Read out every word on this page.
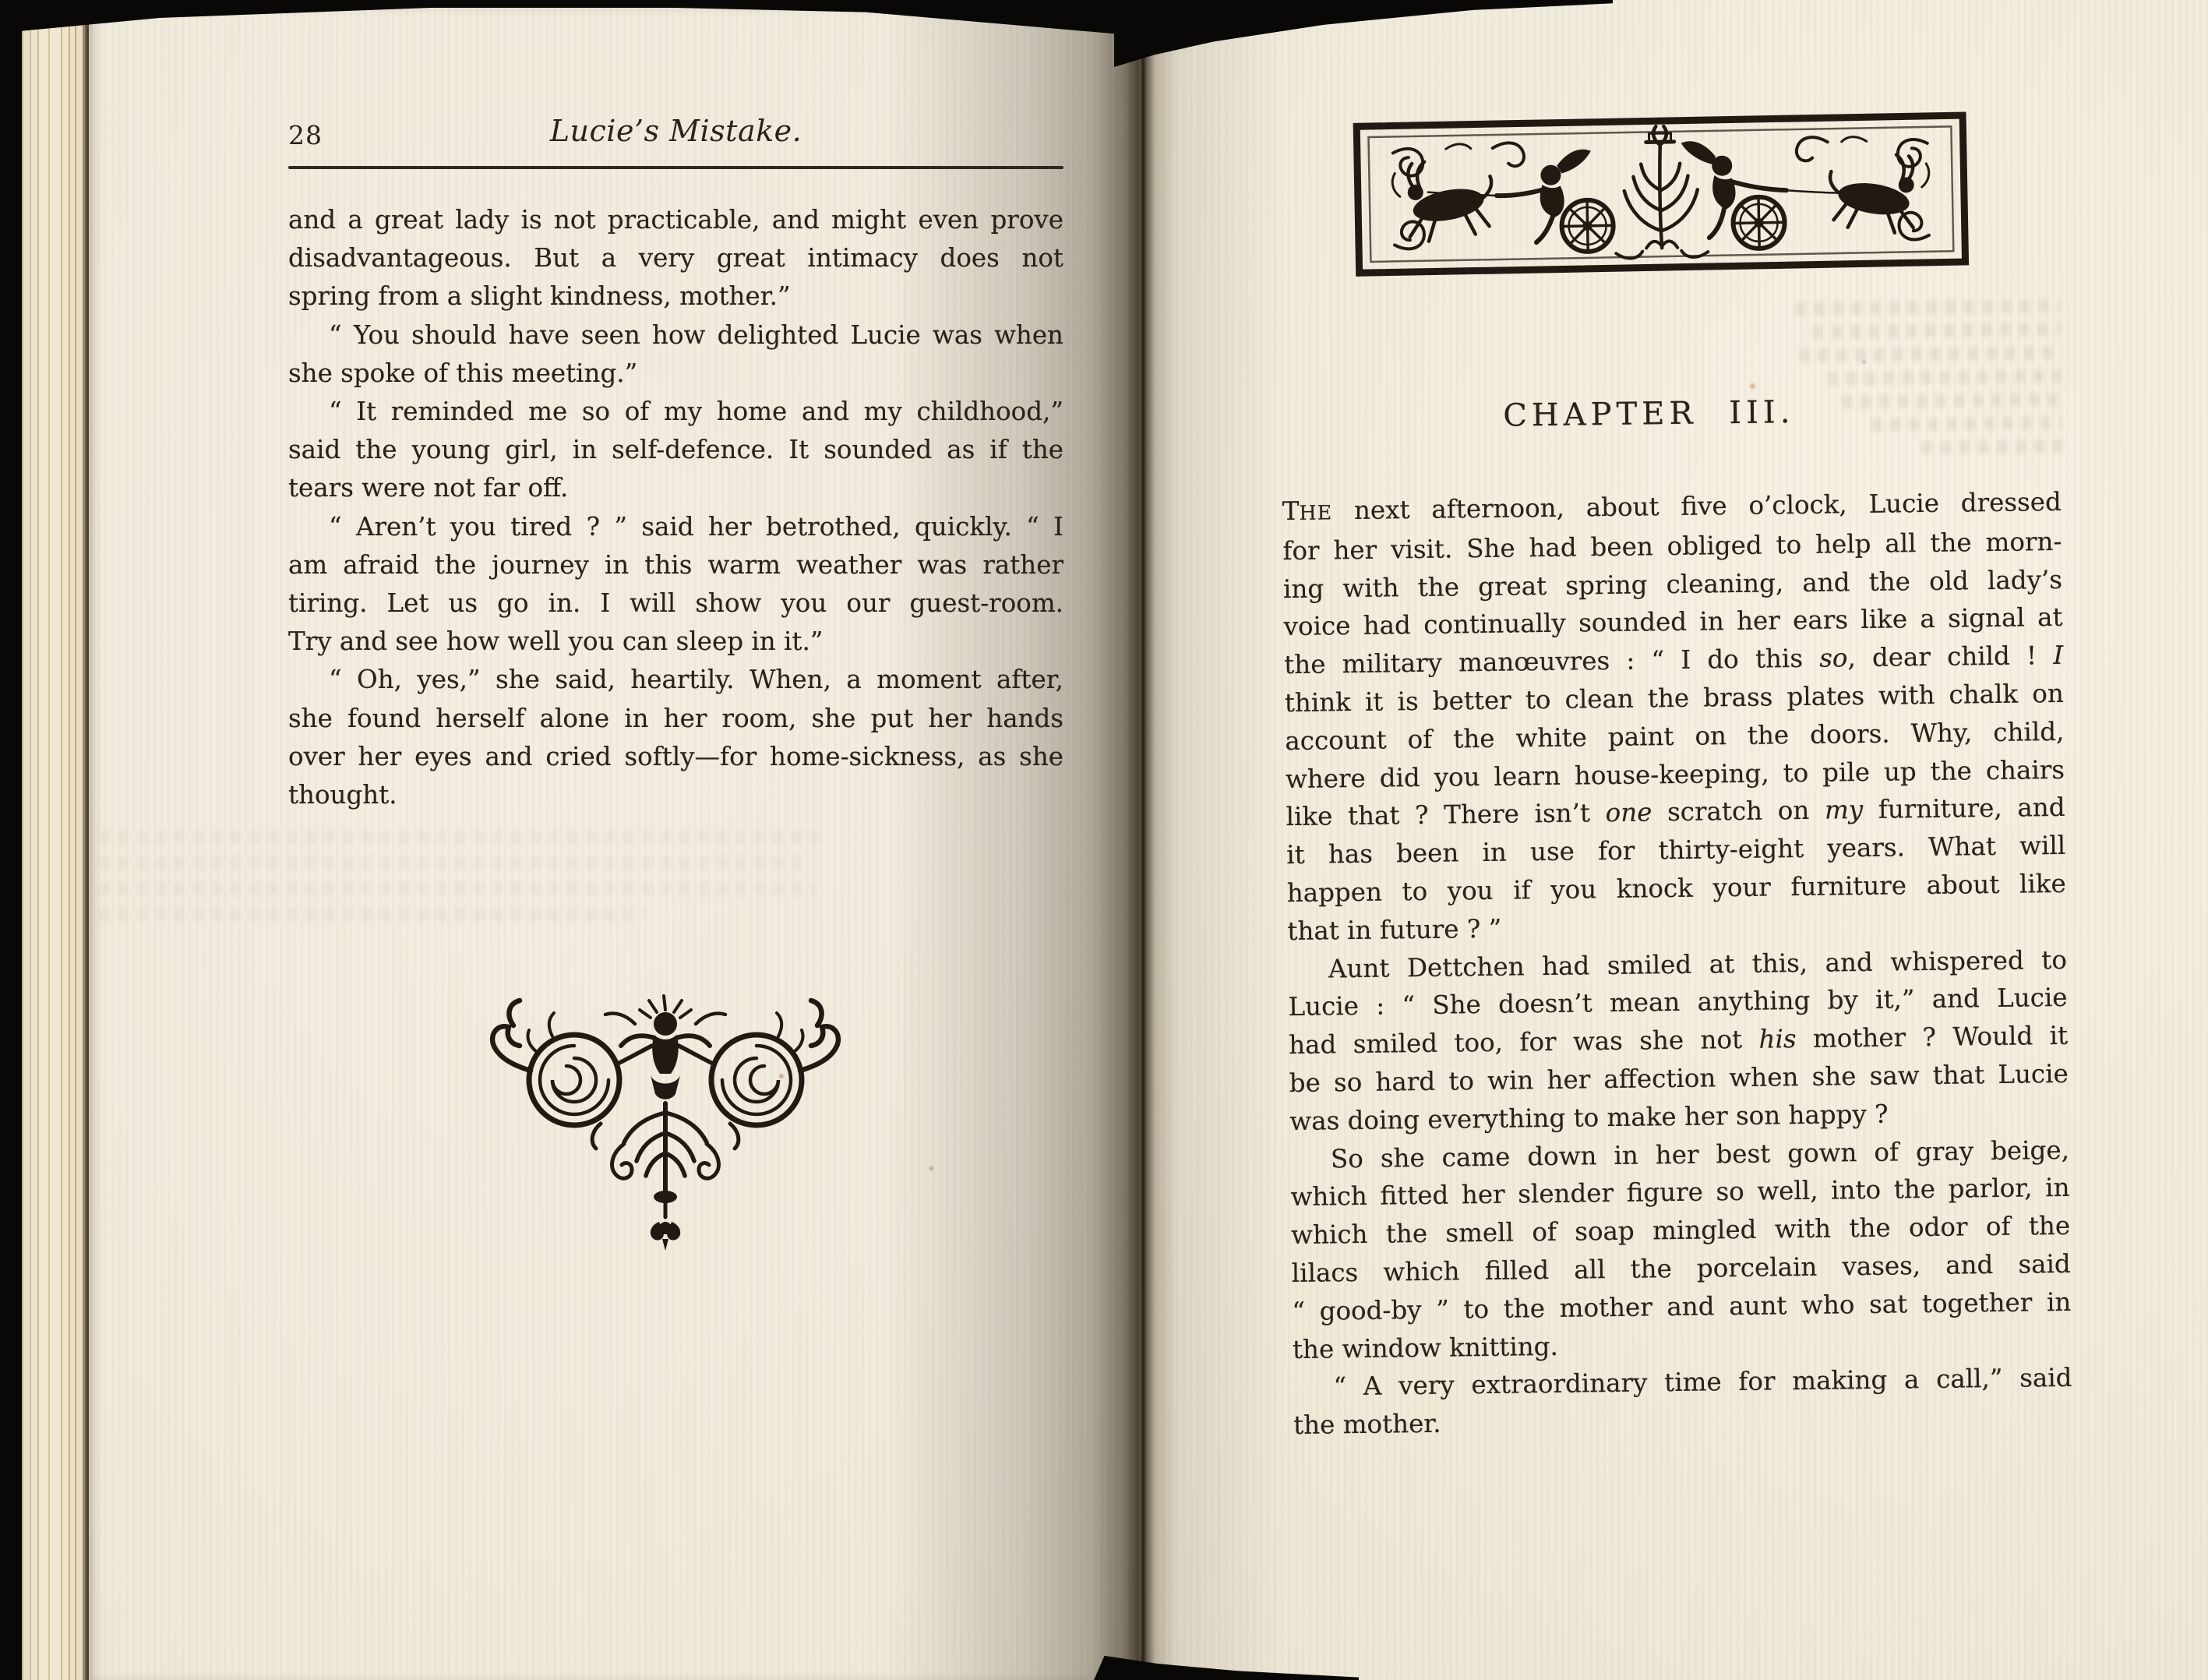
28	Lucie’s Mistake.
and a great lady is not practicable, and might even prove
disadvantageous. But a very great intimacy does not
spring from a slight kindness, mother.”
“ You should have seen how delighted Lucie was when
she spoke of this meeting.”
“ It reminded me so of my home and my childhood,”
said the young girl, in self-defence. It sounded as if the
tears were not far off.
“ Aren’t you tired ? ” said her betrothed, quickly. “ I
am afraid the journey in this warm weather was rather
tiring. Let us go in. I will show you our guest-room.
Try and see how well you can sleep in it.”
“ Oh, yes,” she said, heartily. When, a moment after,
she found herself alone in her room, she put her hands
over her eyes and cried softly—for home-sickness, as she
thought.
CHAPTER III.
THE next afternoon, about five o’clock, Lucie dressed
for her visit. She had been obliged to help all the morn-
ing with the great spring cleaning, and the old lady’s
voice had continually sounded in her ears like a signal at
the military manœuvres : “ I do this so, dear child ! I
think it is better to clean the brass plates with chalk on
account of the white paint on the doors. Why, child,
where did you learn house-keeping, to pile up the chairs
like that ? There isn’t one scratch on my furniture, and
it has been in use for thirty-eight years. What will
happen to you if you knock your furniture about like
that in future ? ”
Aunt Dettchen had smiled at this, and whispered to
Lucie : “ She doesn’t mean anything by it,” and Lucie
had smiled too, for was she not his mother ? Would it
be so hard to win her affection when she saw that Lucie
was doing everything to make her son happy ?
So she came down in her best gown of gray beige,
which fitted her slender figure so well, into the parlor, in
which the smell of soap mingled with the odor of the
lilacs which filled all the porcelain vases, and said
“ good-by ” to the mother and aunt who sat together in
the window knitting.
“ A very extraordinary time for making a call,” said
the mother.
